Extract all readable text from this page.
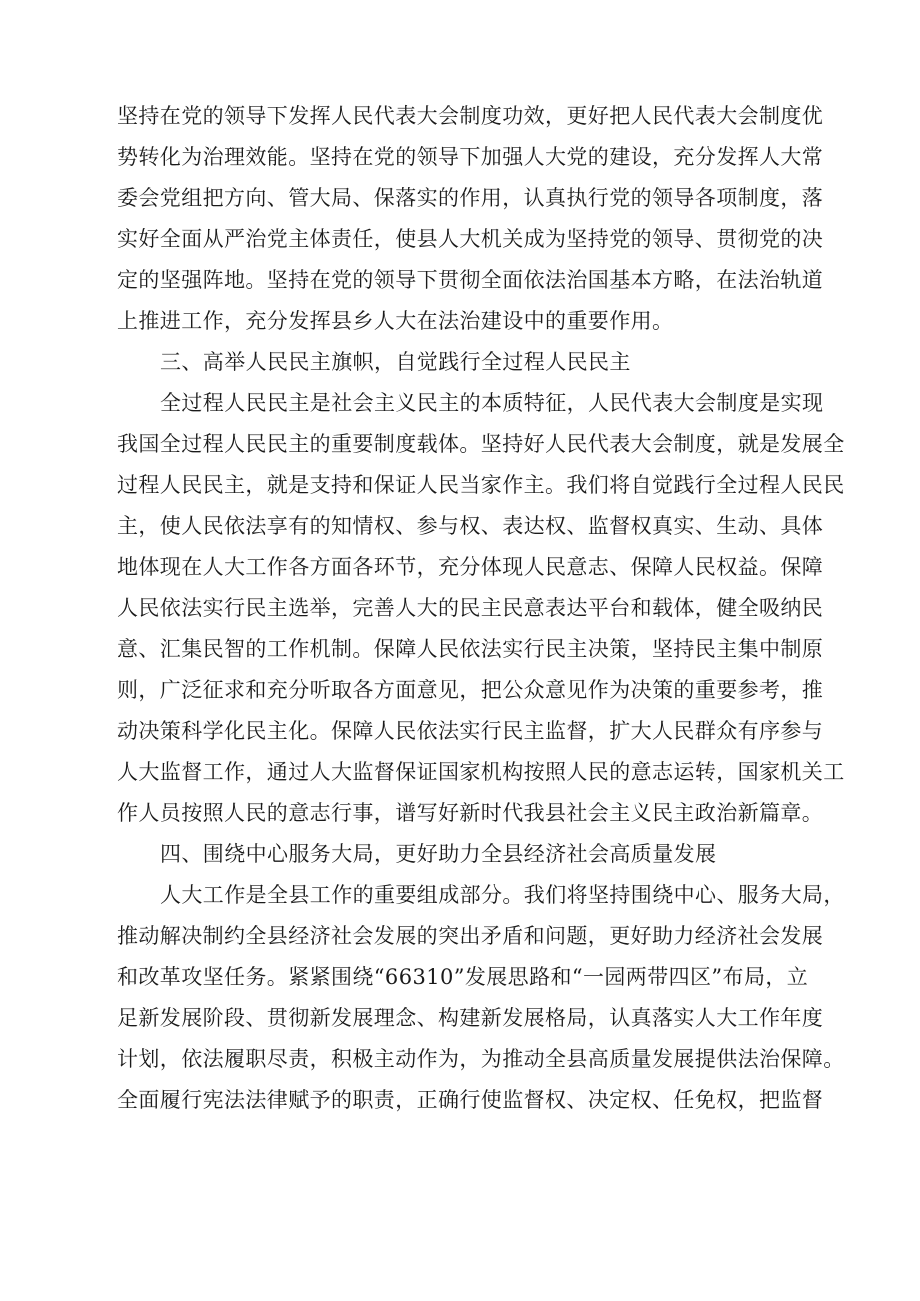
坚持在党的领导下发挥人民代表大会制度功效，更好把人民代表大会制度优
势转化为治理效能。坚持在党的领导下加强人大党的建设，充分发挥人大常
委会党组把方向、管大局、保落实的作用，认真执行党的领导各项制度，落
实好全面从严治党主体责任，使县人大机关成为坚持党的领导、贯彻党的决
定的坚强阵地。坚持在党的领导下贯彻全面依法治国基本方略，在法治轨道
上推进工作，充分发挥县乡人大在法治建设中的重要作用。
三、高举人民民主旗帜，自觉践行全过程人民民主
全过程人民民主是社会主义民主的本质特征，人民代表大会制度是实现
我国全过程人民民主的重要制度载体。坚持好人民代表大会制度，就是发展全
过程人民民主，就是支持和保证人民当家作主。我们将自觉践行全过程人民民
主，使人民依法享有的知情权、参与权、表达权、监督权真实、生动、具体
地体现在人大工作各方面各环节，充分体现人民意志、保障人民权益。保障
人民依法实行民主选举，完善人大的民主民意表达平台和载体，健全吸纳民
意、汇集民智的工作机制。保障人民依法实行民主决策，坚持民主集中制原
则，广泛征求和充分听取各方面意见，把公众意见作为决策的重要参考，推
动决策科学化民主化。保障人民依法实行民主监督，扩大人民群众有序参与
人大监督工作，通过人大监督保证国家机构按照人民的意志运转，国家机关工
作人员按照人民的意志行事，谱写好新时代我县社会主义民主政治新篇章。
四、围绕中心服务大局，更好助力全县经济社会高质量发展
人大工作是全县工作的重要组成部分。我们将坚持围绕中心、服务大局，
推动解决制约全县经济社会发展的突出矛盾和问题，更好助力经济社会发展
和改革攻坚任务。紧紧围绕“66310”发展思路和“一园两带四区”布局，立
足新发展阶段、贯彻新发展理念、构建新发展格局，认真落实人大工作年度
计划，依法履职尽责，积极主动作为，为推动全县高质量发展提供法治保障。
全面履行宪法法律赋予的职责，正确行使监督权、决定权、任免权，把监督
